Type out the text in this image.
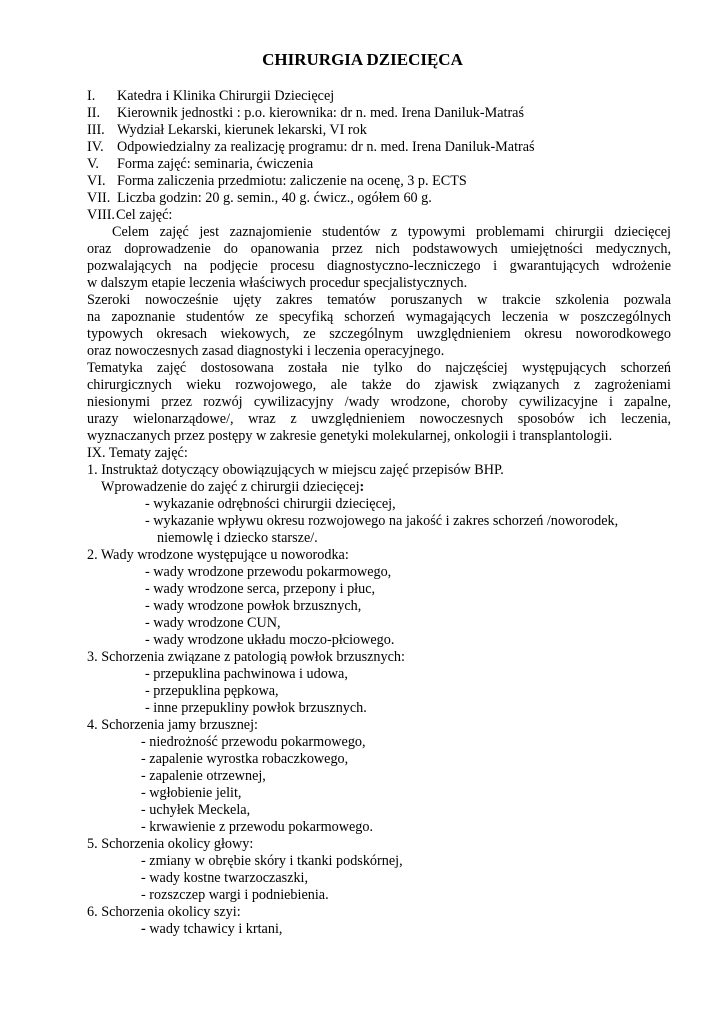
CHIRURGIA DZIECIĘCA
I. Katedra i Klinika Chirurgii Dziecięcej
II. Kierownik jednostki : p.o. kierownika: dr n. med. Irena Daniluk-Matraś
III. Wydział Lekarski, kierunek lekarski, VI rok
IV. Odpowiedzialny za realizację programu: dr n. med. Irena Daniluk-Matraś
V. Forma zajęć: seminaria, ćwiczenia
VI. Forma zaliczenia przedmiotu: zaliczenie na ocenę, 3 p. ECTS
VII. Liczba godzin: 20 g. semin., 40 g. ćwicz., ogółem 60 g.
VIII.Cel zajęć:
Celem zajęć jest zaznajomienie studentów z typowymi problemami chirurgii dziecięcej
oraz doprowadzenie do opanowania przez nich podstawowych umiejętności medycznych,
pozwalających na podjęcie procesu diagnostyczno-leczniczego i gwarantujących wdrożenie
w dalszym etapie leczenia właściwych procedur specjalistycznych.
Szeroki nowocześnie ujęty zakres tematów poruszanych w trakcie szkolenia pozwala
na zapoznanie studentów ze specyfiką schorzeń wymagających leczenia w poszczególnych
typowych okresach wiekowych, ze szczególnym uwzględnieniem okresu noworodkowego
oraz nowoczesnych zasad diagnostyki i leczenia operacyjnego.
Tematyka zajęć dostosowana została nie tylko do najczęściej występujących schorzeń
chirurgicznych wieku rozwojowego, ale także do zjawisk związanych z zagrożeniami
niesionymi przez rozwój cywilizacyjny /wady wrodzone, choroby cywilizacyjne i zapalne,
urazy wielonarządowe/, wraz z uwzględnieniem nowoczesnych sposobów ich leczenia,
wyznaczanych przez postępy w zakresie genetyki molekularnej, onkologii i transplantologii.
IX. Tematy zajęć:
1. Instruktaż dotyczący obowiązujących w miejscu zajęć przepisów BHP.
Wprowadzenie do zajęć z chirurgii dziecięcej:
- wykazanie odrębności chirurgii dziecięcej,
- wykazanie wpływu okresu rozwojowego na jakość i zakres schorzeń /noworodek,
niemowlę i dziecko starsze/.
2. Wady wrodzone występujące u noworodka:
- wady wrodzone przewodu pokarmowego,
- wady wrodzone serca, przepony i płuc,
- wady wrodzone powłok brzusznych,
- wady wrodzone CUN,
- wady wrodzone układu moczo-płciowego.
3. Schorzenia związane z patologią powłok brzusznych:
- przepuklina pachwinowa i udowa,
- przepuklina pępkowa,
- inne przepukliny powłok brzusznych.
4. Schorzenia jamy brzusznej:
- niedrożność przewodu pokarmowego,
- zapalenie wyrostka robaczkowego,
- zapalenie otrzewnej,
- wgłobienie jelit,
- uchyłek Meckela,
- krwawienie z przewodu pokarmowego.
5. Schorzenia okolicy głowy:
- zmiany w obrębie skóry i tkanki podskórnej,
- wady kostne twarzoczaszki,
- rozszczep wargi i podniebienia.
6. Schorzenia okolicy szyi:
- wady tchawicy i krtani,
